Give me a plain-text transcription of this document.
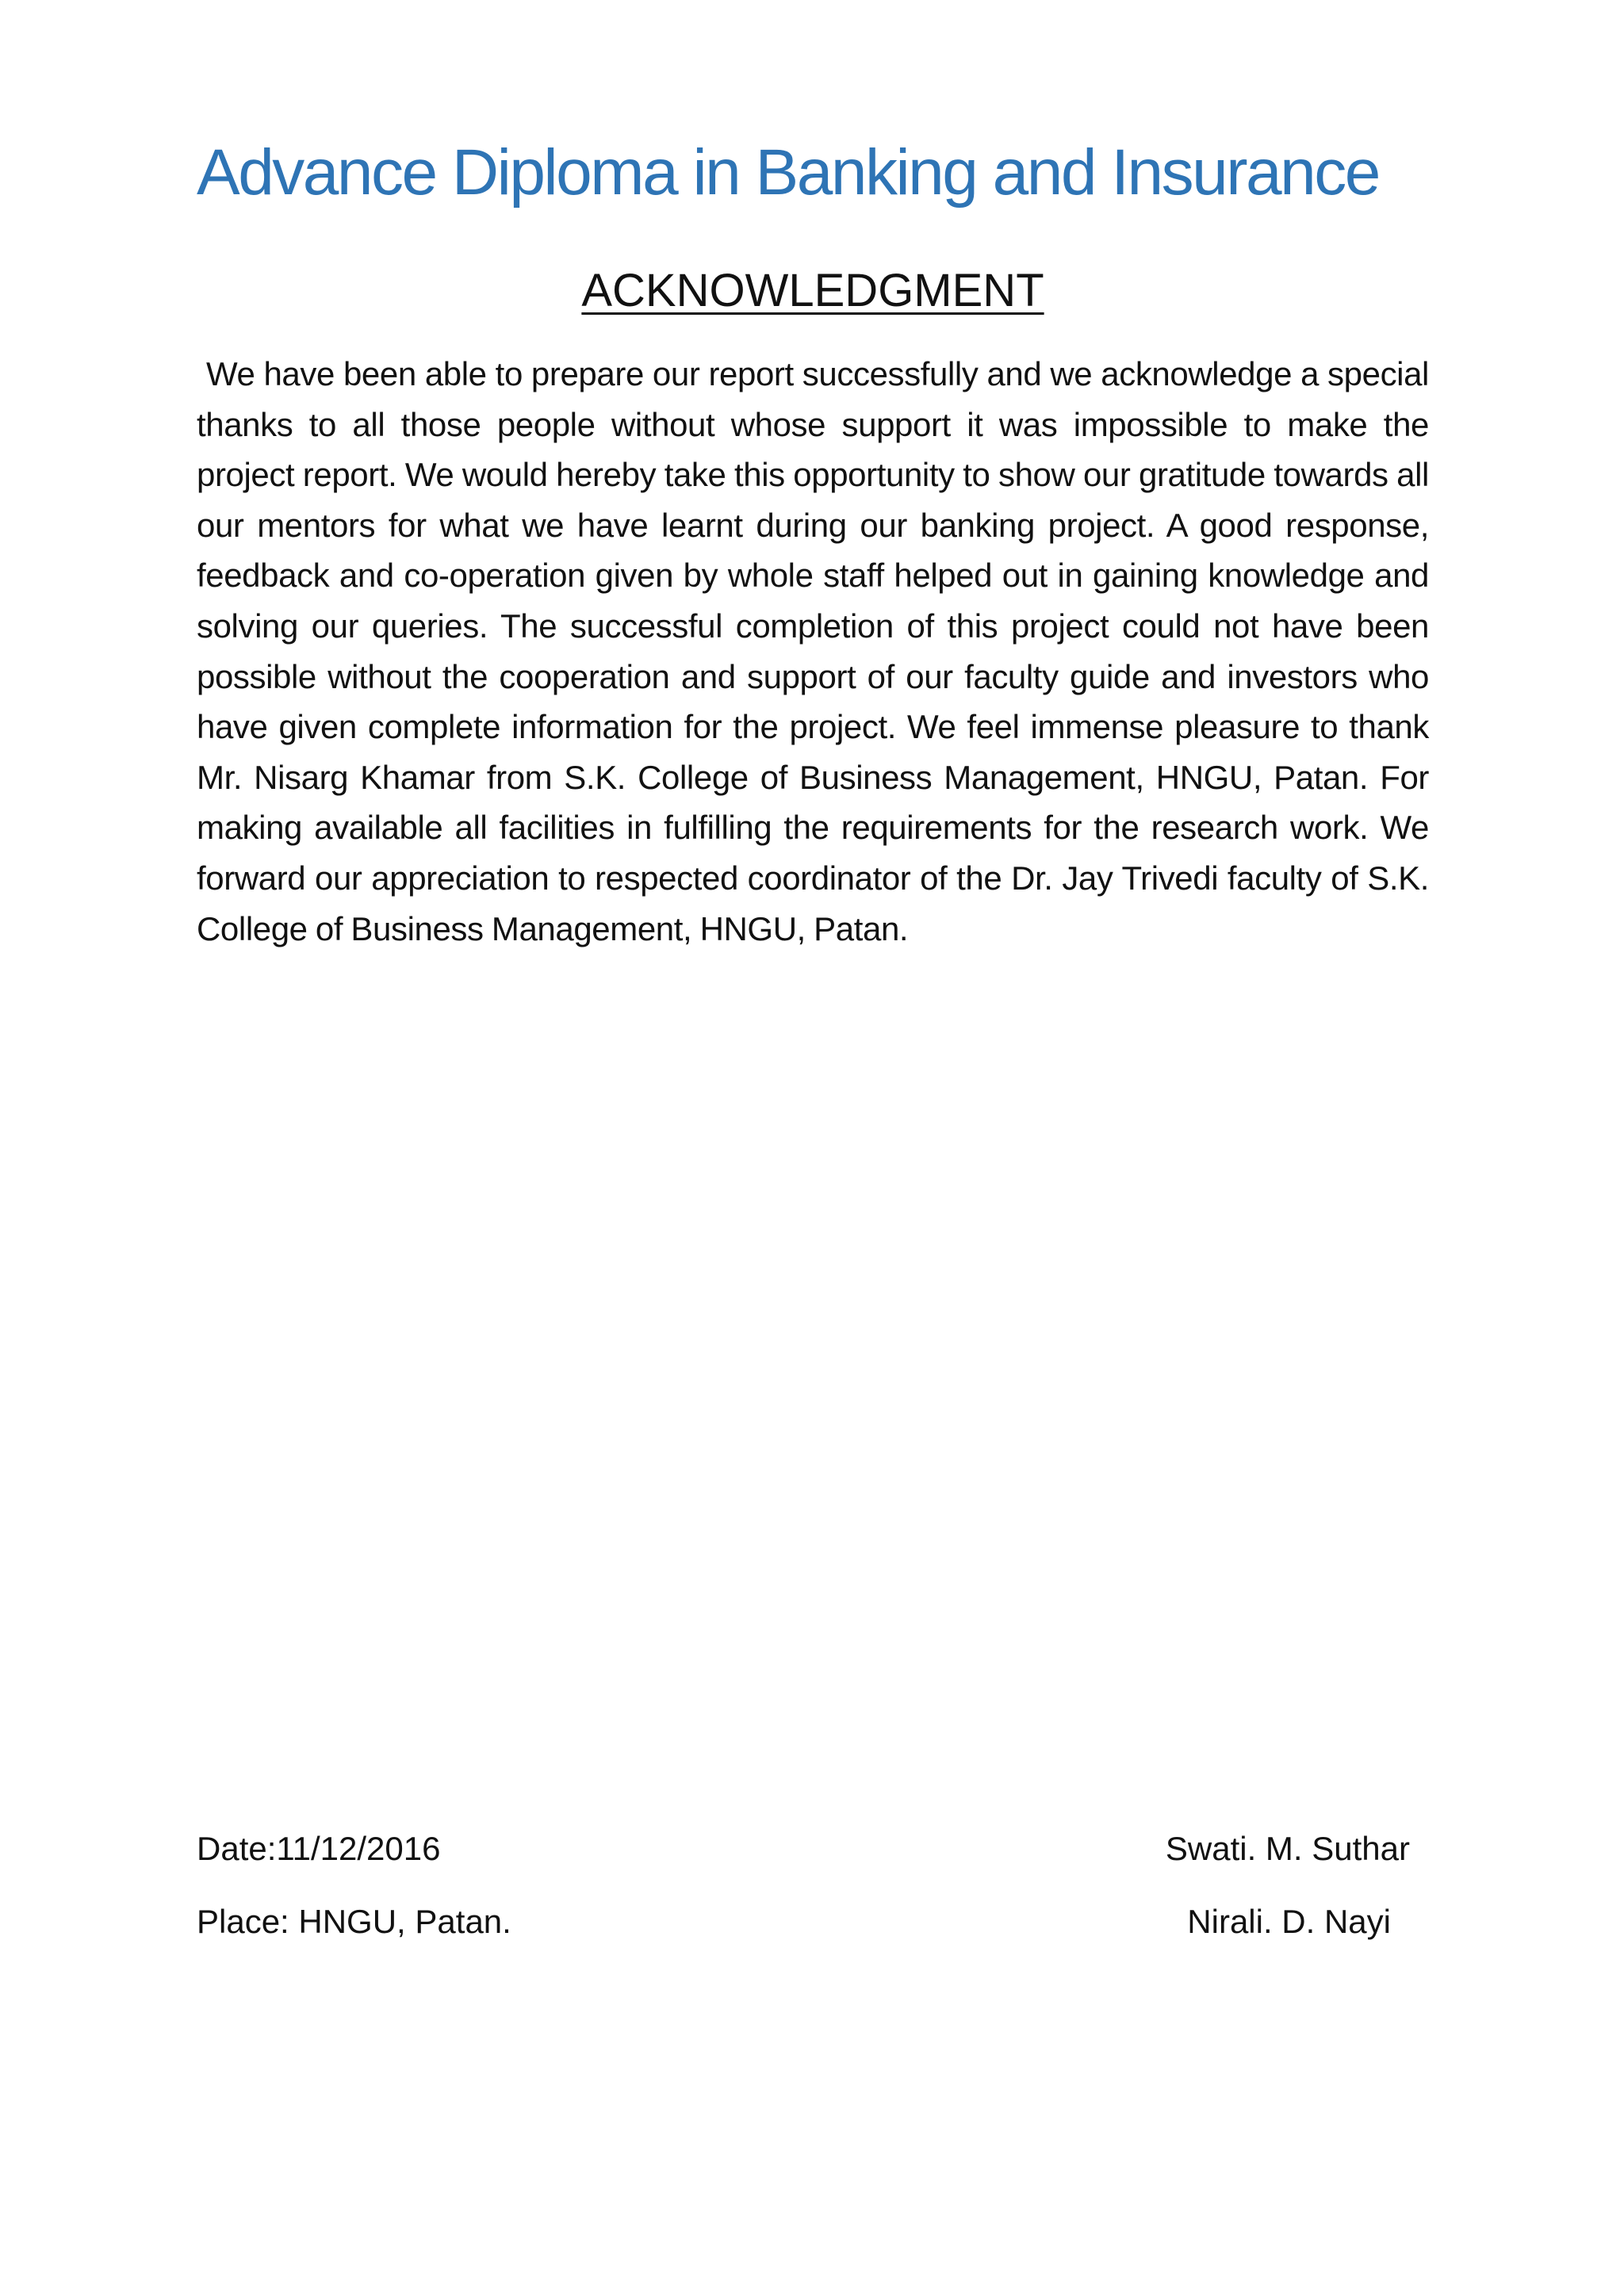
Advance Diploma in Banking and Insurance
ACKNOWLEDGMENT

We have been able to prepare our report successfully and we acknowledge a special thanks to all those people without whose support it was impossible to make the project report. We would hereby take this opportunity to show our gratitude towards all our mentors for what we have learnt during our banking project. A good response, feedback and co-operation given by whole staff helped out in gaining knowledge and solving our queries. The successful completion of this project could not have been possible without the cooperation and support of our faculty guide and investors who have given complete information for the project. We feel immense pleasure to thank Mr. Nisarg Khamar from S.K. College of Business Management, HNGU, Patan. For making available all facilities in fulfilling the requirements for the research work. We forward our appreciation to respected coordinator of the Dr. Jay Trivedi faculty of S.K. College of Business Management, HNGU, Patan.

Date:11/12/2016	Swati. M. Suthar
Place: HNGU, Patan.	Nirali. D. Nayi
